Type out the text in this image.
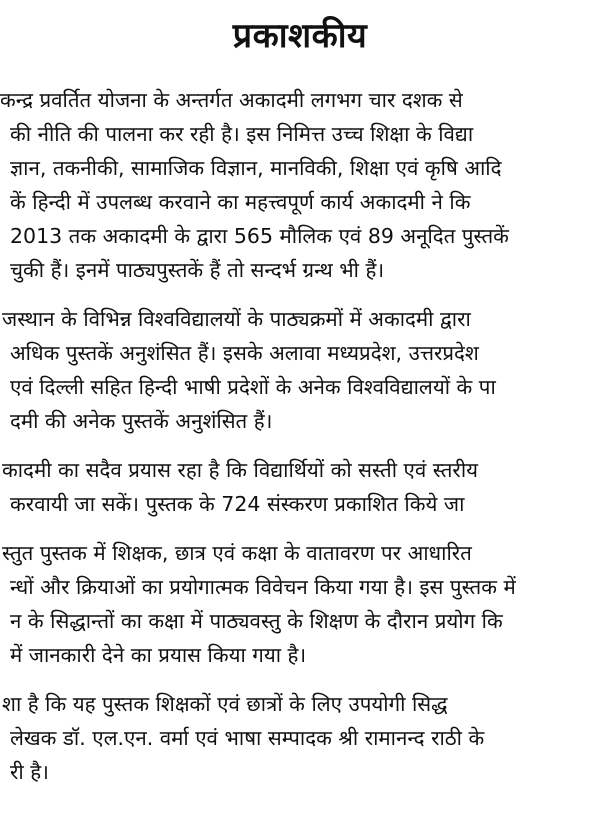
प्रकाशकीय
कन्द्र प्रवर्तित योजना के अन्तर्गत अकादमी लगभग चार दशक से
की नीति की पालना कर रही है। इस निमित्त उच्च शिक्षा के विद्या
ज्ञान, तकनीकी, सामाजिक विज्ञान, मानविकी, शिक्षा एवं कृषि आदि
कें हिन्दी में उपलब्ध करवाने का महत्त्वपूर्ण कार्य अकादमी ने कि
2013 तक अकादमी के द्वारा 565 मौलिक एवं 89 अनूदित पुस्तकें
चुकी हैं। इनमें पाठ्यपुस्तकें हैं तो सन्दर्भ ग्रन्थ भी हैं।
जस्थान के विभिन्न विश्वविद्यालयों के पाठ्यक्रमों में अकादमी द्वारा
अधिक पुस्तकें अनुशंसित हैं। इसके अलावा मध्यप्रदेश, उत्तरप्रदेश
एवं दिल्ली सहित हिन्दी भाषी प्रदेशों के अनेक विश्वविद्यालयों के पा
दमी की अनेक पुस्तकें अनुशंसित हैं।
कादमी का सदैव प्रयास रहा है कि विद्यार्थियों को सस्ती एवं स्तरीय
करवायी जा सकें। पुस्तक के 724 संस्करण प्रकाशित किये जा
स्तुत पुस्तक में शिक्षक, छात्र एवं कक्षा के वातावरण पर आधारित
न्धों और क्रियाओं का प्रयोगात्मक विवेचन किया गया है। इस पुस्तक में
न के सिद्धान्तों का कक्षा में पाठ्यवस्तु के शिक्षण के दौरान प्रयोग कि
में जानकारी देने का प्रयास किया गया है।
शा है कि यह पुस्तक शिक्षकों एवं छात्रों के लिए उपयोगी सिद्ध
लेखक डॉ. एल.एन. वर्मा एवं भाषा सम्पादक श्री रामानन्द राठी के
री है।
